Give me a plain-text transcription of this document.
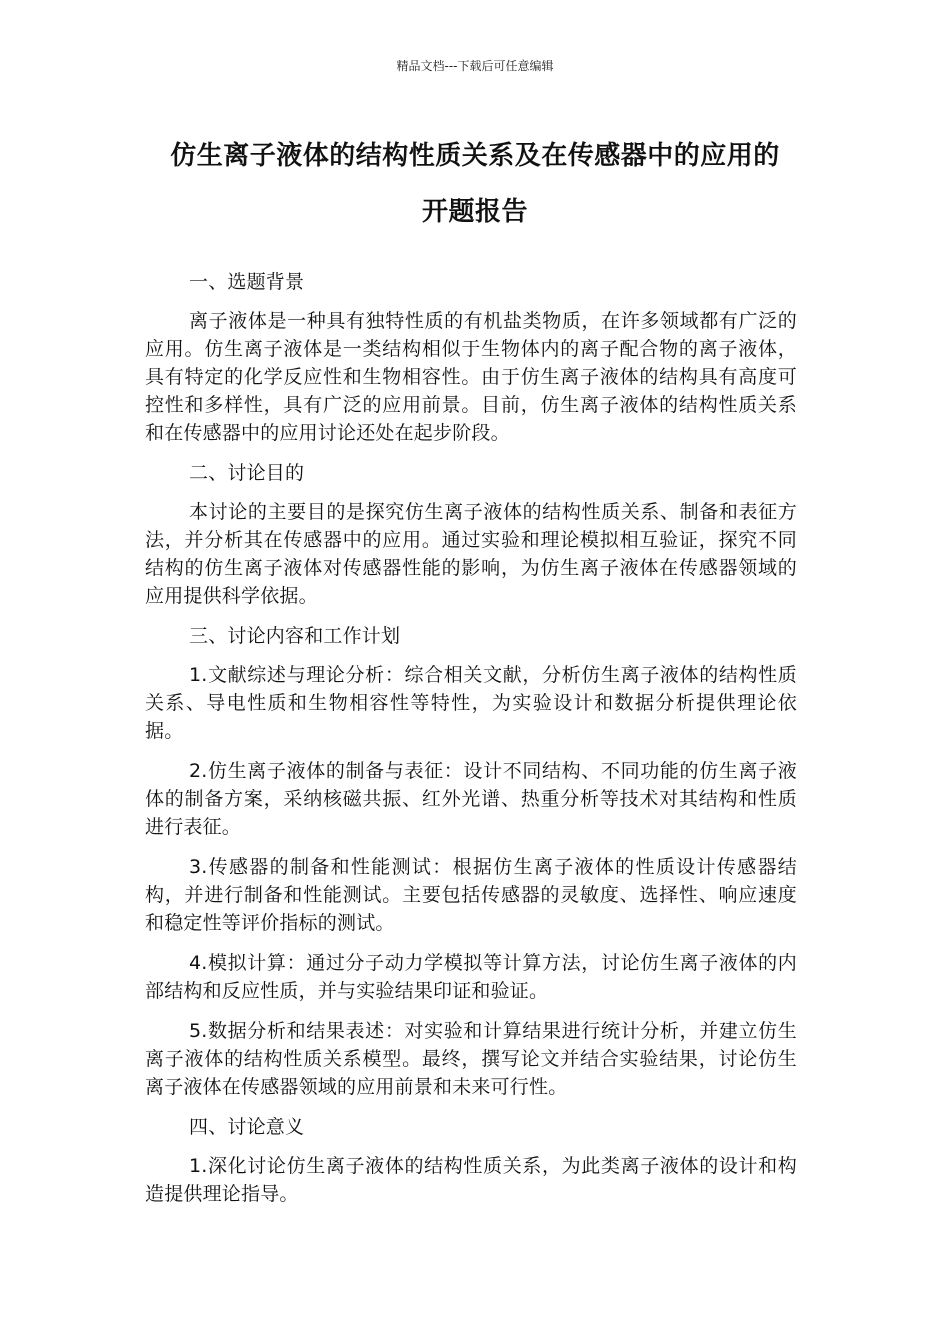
精品文档---下载后可任意编辑
仿生离子液体的结构性质关系及在传感器中的应用的
开题报告

一、选题背景

离子液体是一种具有独特性质的有机盐类物质，在许多领域都有广泛的应用。仿生离子液体是一类结构相似于生物体内的离子配合物的离子液体，具有特定的化学反应性和生物相容性。由于仿生离子液体的结构具有高度可控性和多样性，具有广泛的应用前景。目前，仿生离子液体的结构性质关系和在传感器中的应用讨论还处在起步阶段。

二、讨论目的

本讨论的主要目的是探究仿生离子液体的结构性质关系、制备和表征方法，并分析其在传感器中的应用。通过实验和理论模拟相互验证，探究不同结构的仿生离子液体对传感器性能的影响，为仿生离子液体在传感器领域的应用提供科学依据。

三、讨论内容和工作计划

1.文献综述与理论分析：综合相关文献，分析仿生离子液体的结构性质关系、导电性质和生物相容性等特性，为实验设计和数据分析提供理论依据。

2.仿生离子液体的制备与表征：设计不同结构、不同功能的仿生离子液体的制备方案，采纳核磁共振、红外光谱、热重分析等技术对其结构和性质进行表征。

3.传感器的制备和性能测试：根据仿生离子液体的性质设计传感器结构，并进行制备和性能测试。主要包括传感器的灵敏度、选择性、响应速度和稳定性等评价指标的测试。

4.模拟计算：通过分子动力学模拟等计算方法，讨论仿生离子液体的内部结构和反应性质，并与实验结果印证和验证。

5.数据分析和结果表述：对实验和计算结果进行统计分析，并建立仿生离子液体的结构性质关系模型。最终，撰写论文并结合实验结果，讨论仿生离子液体在传感器领域的应用前景和未来可行性。

四、讨论意义

1.深化讨论仿生离子液体的结构性质关系，为此类离子液体的设计和构造提供理论指导。
